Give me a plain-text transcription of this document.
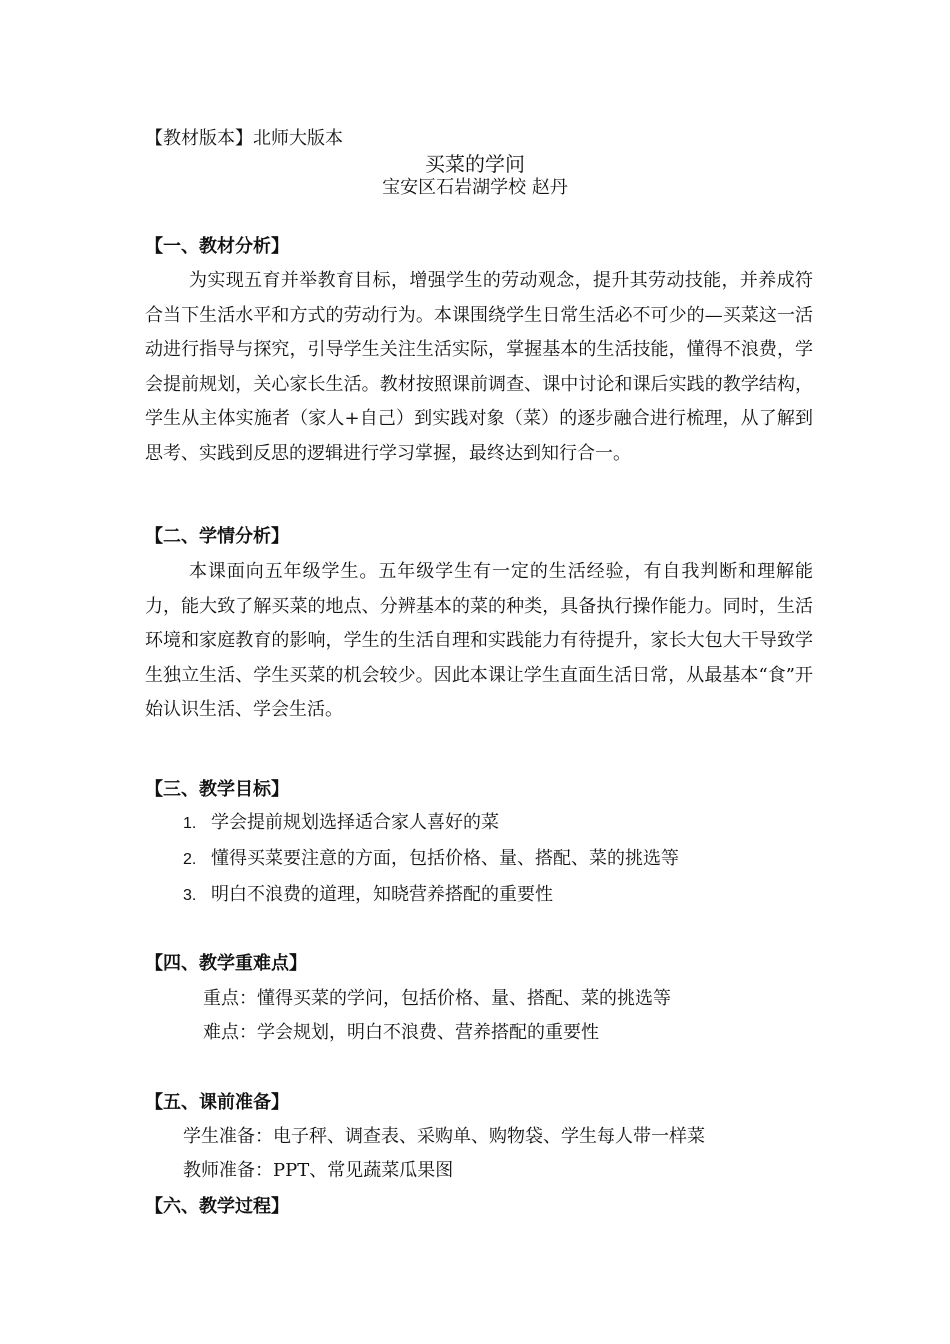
【教材版本】北师大版本
买菜的学问
宝安区石岩湖学校 赵丹
【一、教材分析】
为实现五育并举教育目标，增强学生的劳动观念，提升其劳动技能，并养成符合当下生活水平和方式的劳动行为。本课围绕学生日常生活必不可少的—买菜这一活动进行指导与探究，引导学生关注生活实际，掌握基本的生活技能，懂得不浪费，学会提前规划，关心家长生活。教材按照课前调查、课中讨论和课后实践的教学结构，学生从主体实施者（家人+自己）到实践对象（菜）的逐步融合进行梳理，从了解到思考、实践到反思的逻辑进行学习掌握，最终达到知行合一。
【二、学情分析】
本课面向五年级学生。五年级学生有一定的生活经验，有自我判断和理解能力，能大致了解买菜的地点、分辨基本的菜的种类，具备执行操作能力。同时，生活环境和家庭教育的影响，学生的生活自理和实践能力有待提升，家长大包大干导致学生独立生活、学生买菜的机会较少。因此本课让学生直面生活日常，从最基本“食”开始认识生活、学会生活。
【三、教学目标】
1. 学会提前规划选择适合家人喜好的菜
2. 懂得买菜要注意的方面，包括价格、量、搭配、菜的挑选等
3. 明白不浪费的道理，知晓营养搭配的重要性
【四、教学重难点】
重点：懂得买菜的学问，包括价格、量、搭配、菜的挑选等
难点：学会规划，明白不浪费、营养搭配的重要性
【五、课前准备】
学生准备：电子秤、调查表、采购单、购物袋、学生每人带一样菜
教师准备：PPT、常见蔬菜瓜果图
【六、教学过程】
